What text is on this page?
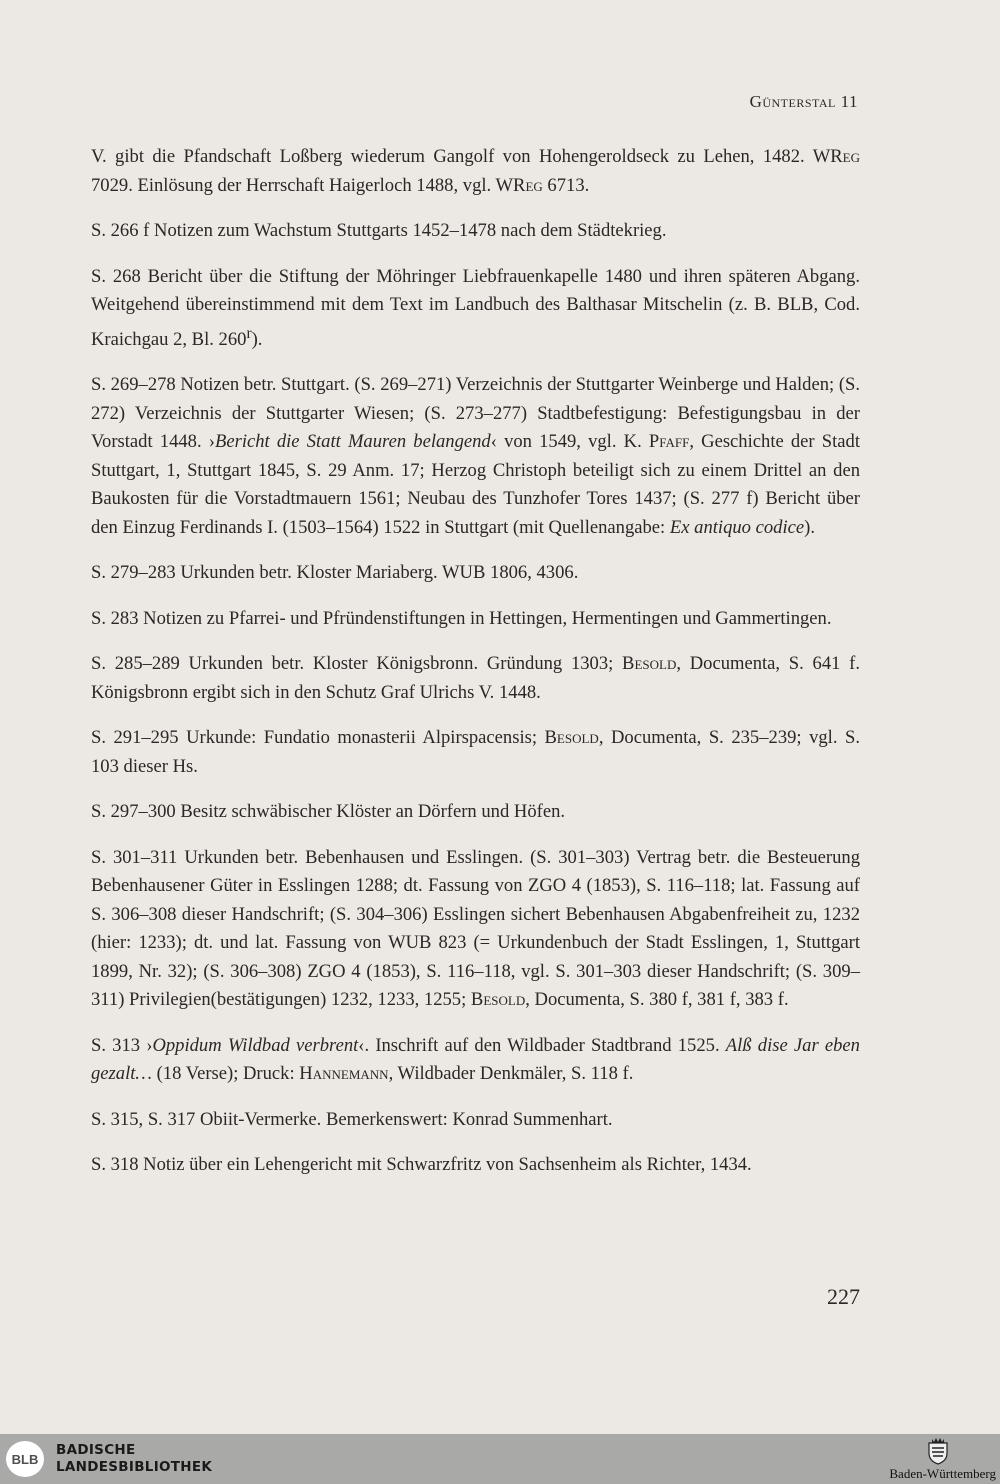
Günterstal 11

V. gibt die Pfandschaft Loßberg wiederum Gangolf von Hohengeroldseck zu Lehen, 1482. WReg 7029. Einlösung der Herrschaft Haigerloch 1488, vgl. WReg 6713.

S. 266 f Notizen zum Wachstum Stuttgarts 1452–1478 nach dem Städtekrieg.

S. 268 Bericht über die Stiftung der Möhringer Liebfrauenkapelle 1480 und ihren späteren Abgang. Weitgehend übereinstimmend mit dem Text im Landbuch des Balthasar Mitschelin (z. B. BLB, Cod. Kraichgau 2, Bl. 260$^r$).

S. 269–278 Notizen betr. Stuttgart. (S. 269–271) Verzeichnis der Stuttgarter Weinberge und Halden; (S. 272) Verzeichnis der Stuttgarter Wiesen; (S. 273–277) Stadtbefestigung: Befestigungsbau in der Vorstadt 1448. ›Bericht die Statt Mauren belangend‹ von 1549, vgl. K. Pfaff, Geschichte der Stadt Stuttgart, 1, Stuttgart 1845, S. 29 Anm. 17; Herzog Christoph beteiligt sich zu einem Drittel an den Baukosten für die Vorstadtmauern 1561; Neubau des Tunzhofer Tores 1437; (S. 277 f) Bericht über den Einzug Ferdinands I. (1503–1564) 1522 in Stuttgart (mit Quellenangabe: Ex antiquo codice).

S. 279–283 Urkunden betr. Kloster Mariaberg. WUB 1806, 4306.

S. 283 Notizen zu Pfarrei- und Pfründenstiftungen in Hettingen, Hermentingen und Gammertingen.

S. 285–289 Urkunden betr. Kloster Königsbronn. Gründung 1303; Besold, Documenta, S. 641 f. Königsbronn ergibt sich in den Schutz Graf Ulrichs V. 1448.

S. 291–295 Urkunde: Fundatio monasterii Alpirspacensis; Besold, Documenta, S. 235–239; vgl. S. 103 dieser Hs.

S. 297–300 Besitz schwäbischer Klöster an Dörfern und Höfen.

S. 301–311 Urkunden betr. Bebenhausen und Esslingen. (S. 301–303) Vertrag betr. die Besteuerung Bebenhausener Güter in Esslingen 1288; dt. Fassung von ZGO 4 (1853), S. 116–118; lat. Fassung auf S. 306–308 dieser Handschrift; (S. 304–306) Esslingen sichert Bebenhausen Abgabenfreiheit zu, 1232 (hier: 1233); dt. und lat. Fassung von WUB 823 (= Urkundenbuch der Stadt Esslingen, 1, Stuttgart 1899, Nr. 32); (S. 306–308) ZGO 4 (1853), S. 116–118, vgl. S. 301–303 dieser Handschrift; (S. 309–311) Privilegien(bestätigungen) 1232, 1233, 1255; Besold, Documenta, S. 380 f, 381 f, 383 f.

S. 313 ›Oppidum Wildbad verbrent‹. Inschrift auf den Wildbader Stadtbrand 1525. Alß dise Jar eben gezalt… (18 Verse); Druck: Hannemann, Wildbader Denkmäler, S. 118 f.

S. 315, S. 317 Obiit-Vermerke. Bemerkenswert: Konrad Summenhart.

S. 318 Notiz über ein Lehengericht mit Schwarzfritz von Sachsenheim als Richter, 1434.

227
BLB
BADISCHE
LANDESBIBLIOTHEK	Baden-Württemberg
